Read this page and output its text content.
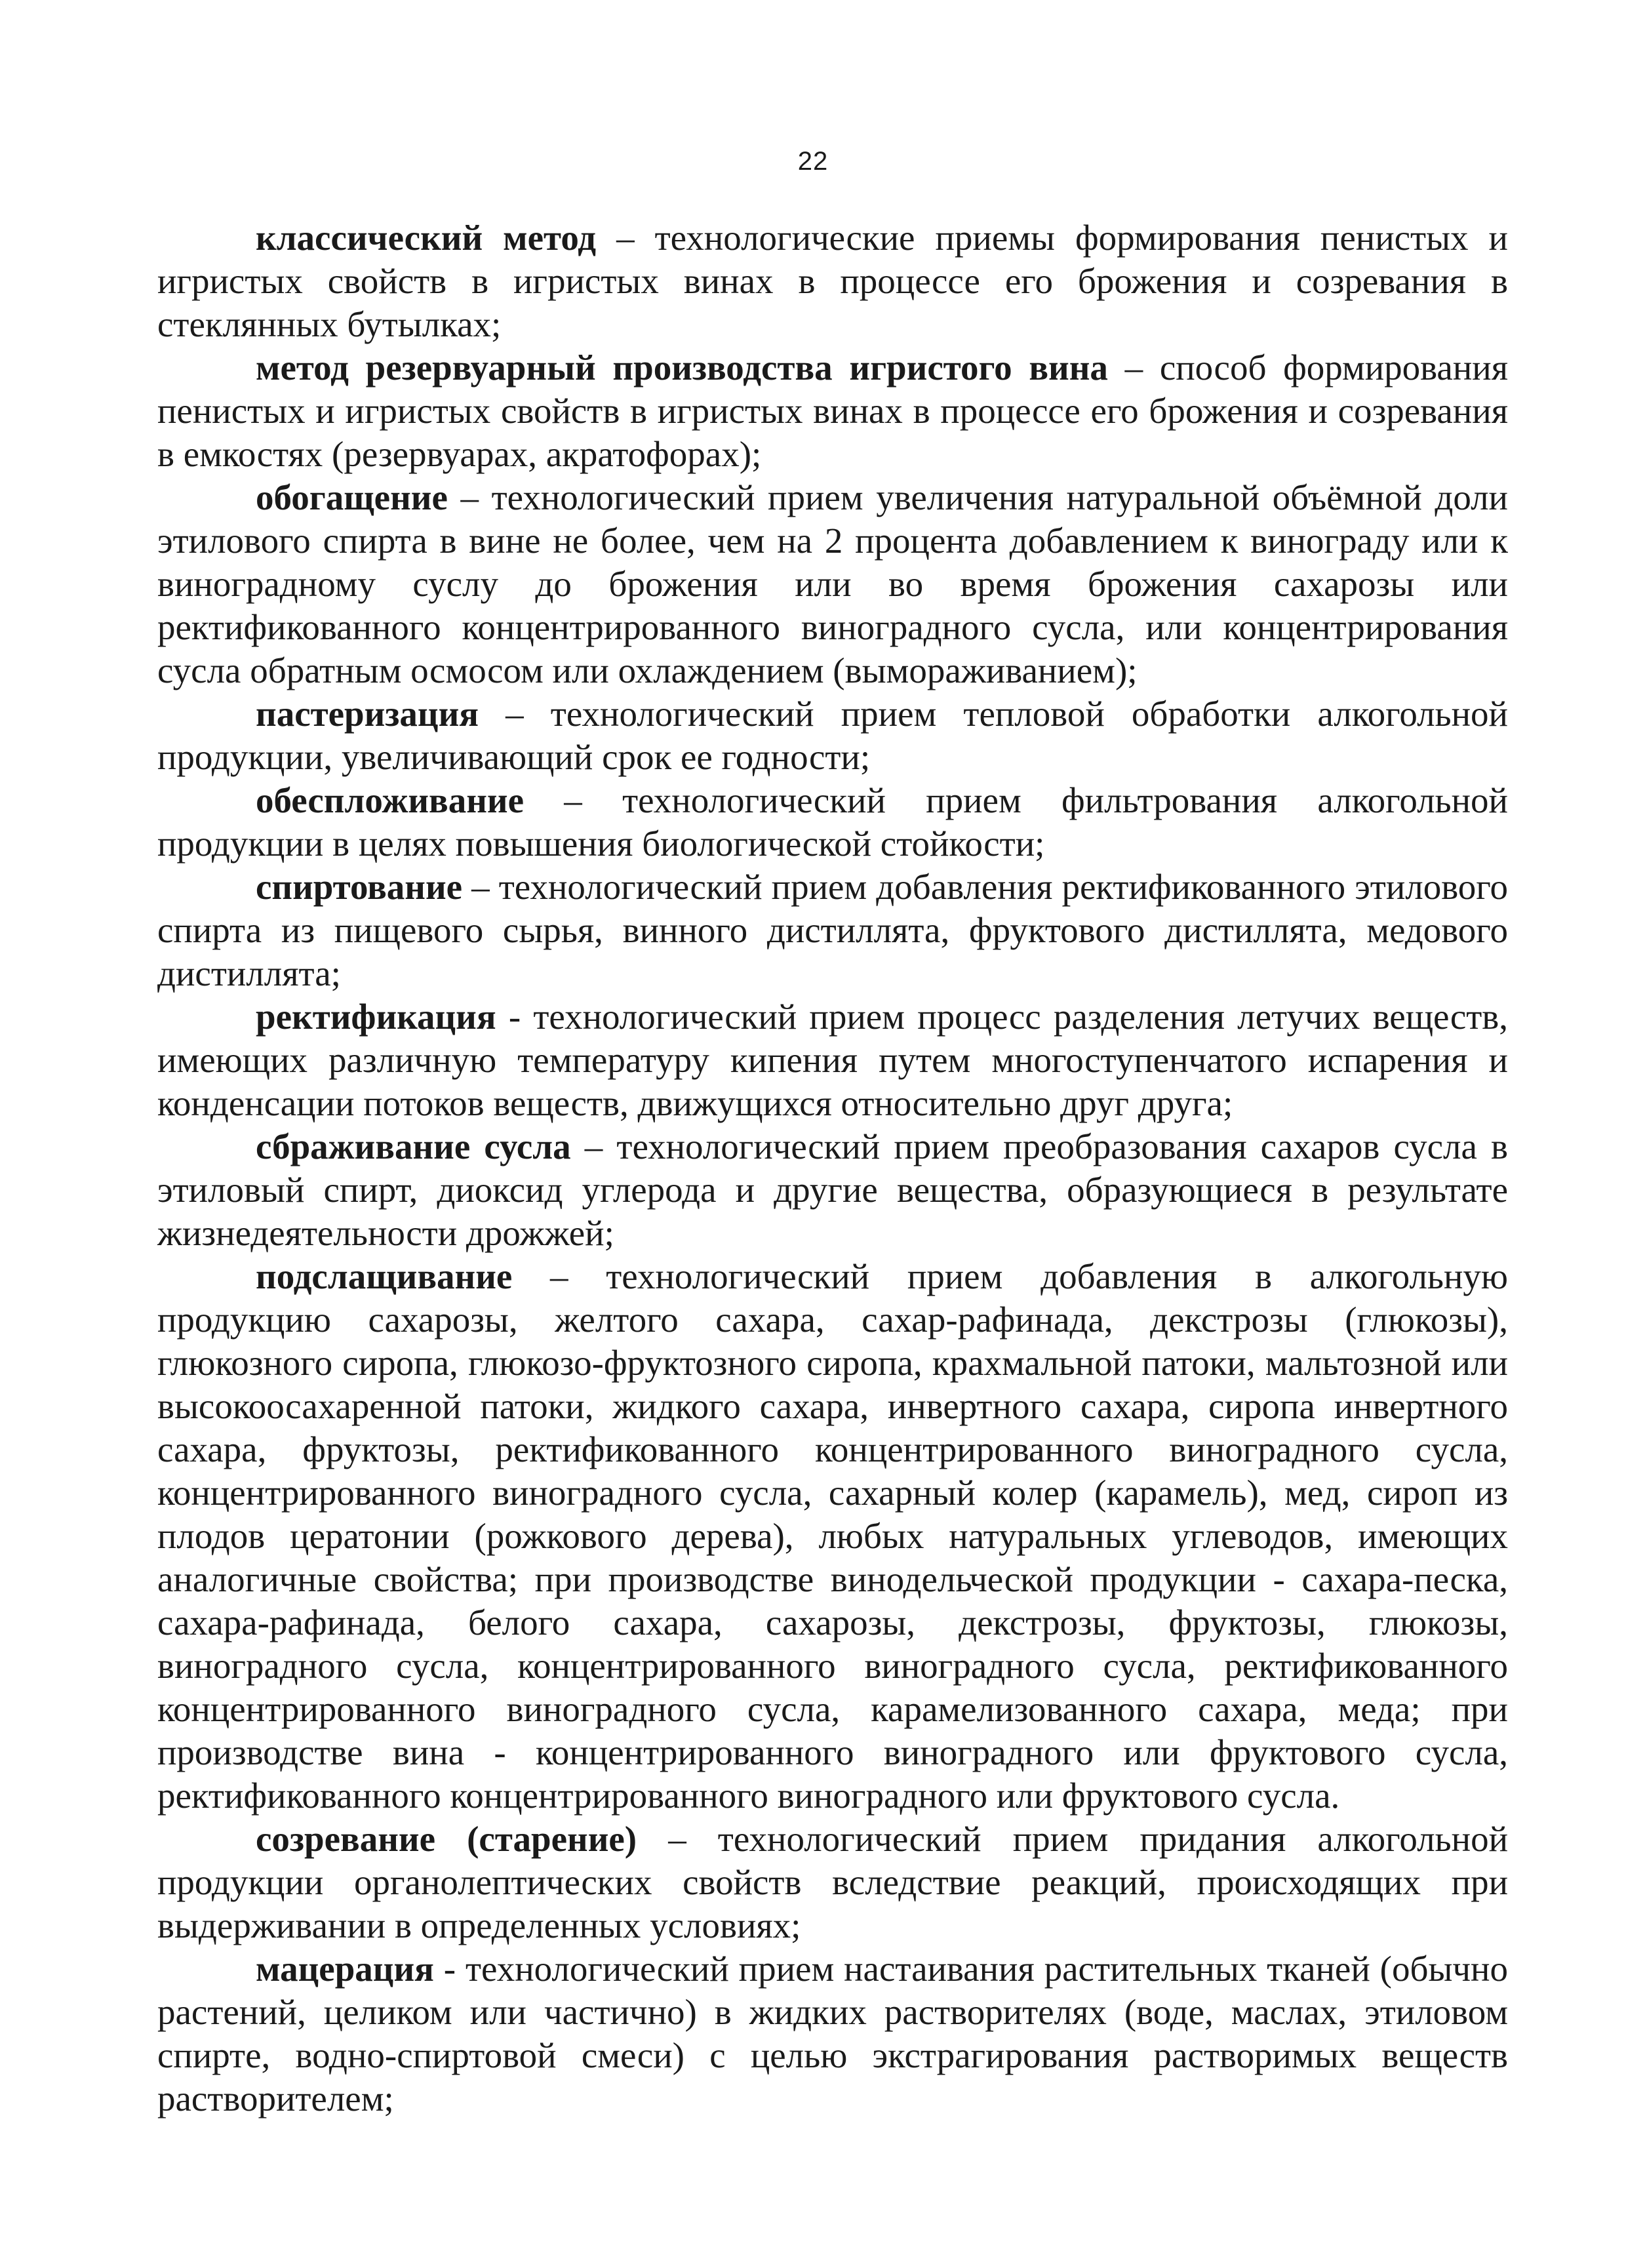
22

классический метод – технологические приемы формирования пенистых и игристых свойств в игристых винах в процессе его брожения и созревания в стеклянных бутылках;

метод резервуарный производства игристого вина – способ формирования пенистых и игристых свойств в игристых винах в процессе его брожения и созревания в емкостях (резервуарах, акратофорах);

обогащение – технологический прием увеличения натуральной объёмной доли этилового спирта в вине не более, чем на 2 процента добавлением к винограду или к виноградному суслу до брожения или во время брожения сахарозы или ректификованного концентрированного виноградного сусла, или концентрирования сусла обратным осмосом или охлаждением (вымораживанием);

пастеризация – технологический прием тепловой обработки алкогольной продукции, увеличивающий срок ее годности;

обеспложивание – технологический прием фильтрования алкогольной продукции в целях повышения биологической стойкости;

спиртование – технологический прием добавления ректификованного этилового спирта из пищевого сырья, винного дистиллята, фруктового дистиллята, медового дистиллята;

ректификация - технологический прием процесс разделения летучих веществ, имеющих различную температуру кипения путем многоступенчатого испарения и конденсации потоков веществ, движущихся относительно друг друга;

сбраживание сусла – технологический прием преобразования сахаров сусла в этиловый спирт, диоксид углерода и другие вещества, образующиеся в результате жизнедеятельности дрожжей;

подслащивание – технологический прием добавления в алкогольную продукцию сахарозы, желтого сахара, сахар-рафинада, декстрозы (глюкозы), глюкозного сиропа, глюкозо-фруктозного сиропа, крахмальной патоки, мальтозной или высокоосахаренной патоки, жидкого сахара, инвертного сахара, сиропа инвертного сахара, фруктозы, ректификованного концентрированного виноградного сусла, концентрированного виноградного сусла, сахарный колер (карамель), мед, сироп из плодов цератонии (рожкового дерева), любых натуральных углеводов, имеющих аналогичные свойства; при производстве винодельческой продукции - сахара-песка, сахара-рафинада, белого сахара, сахарозы, декстрозы, фруктозы, глюкозы, виноградного сусла, концентрированного виноградного сусла, ректификованного концентрированного виноградного сусла, карамелизованного сахара, меда; при производстве вина - концентрированного виноградного или фруктового сусла, ректификованного концентрированного виноградного или фруктового сусла.

созревание (старение) – технологический прием придания алкогольной продукции органолептических свойств вследствие реакций, происходящих при выдерживании в определенных условиях;

мацерация - технологический прием настаивания растительных тканей (обычно растений, целиком или частично) в жидких растворителях (воде, маслах, этиловом спирте, водно-спиртовой смеси) с целью экстрагирования растворимых веществ растворителем;
